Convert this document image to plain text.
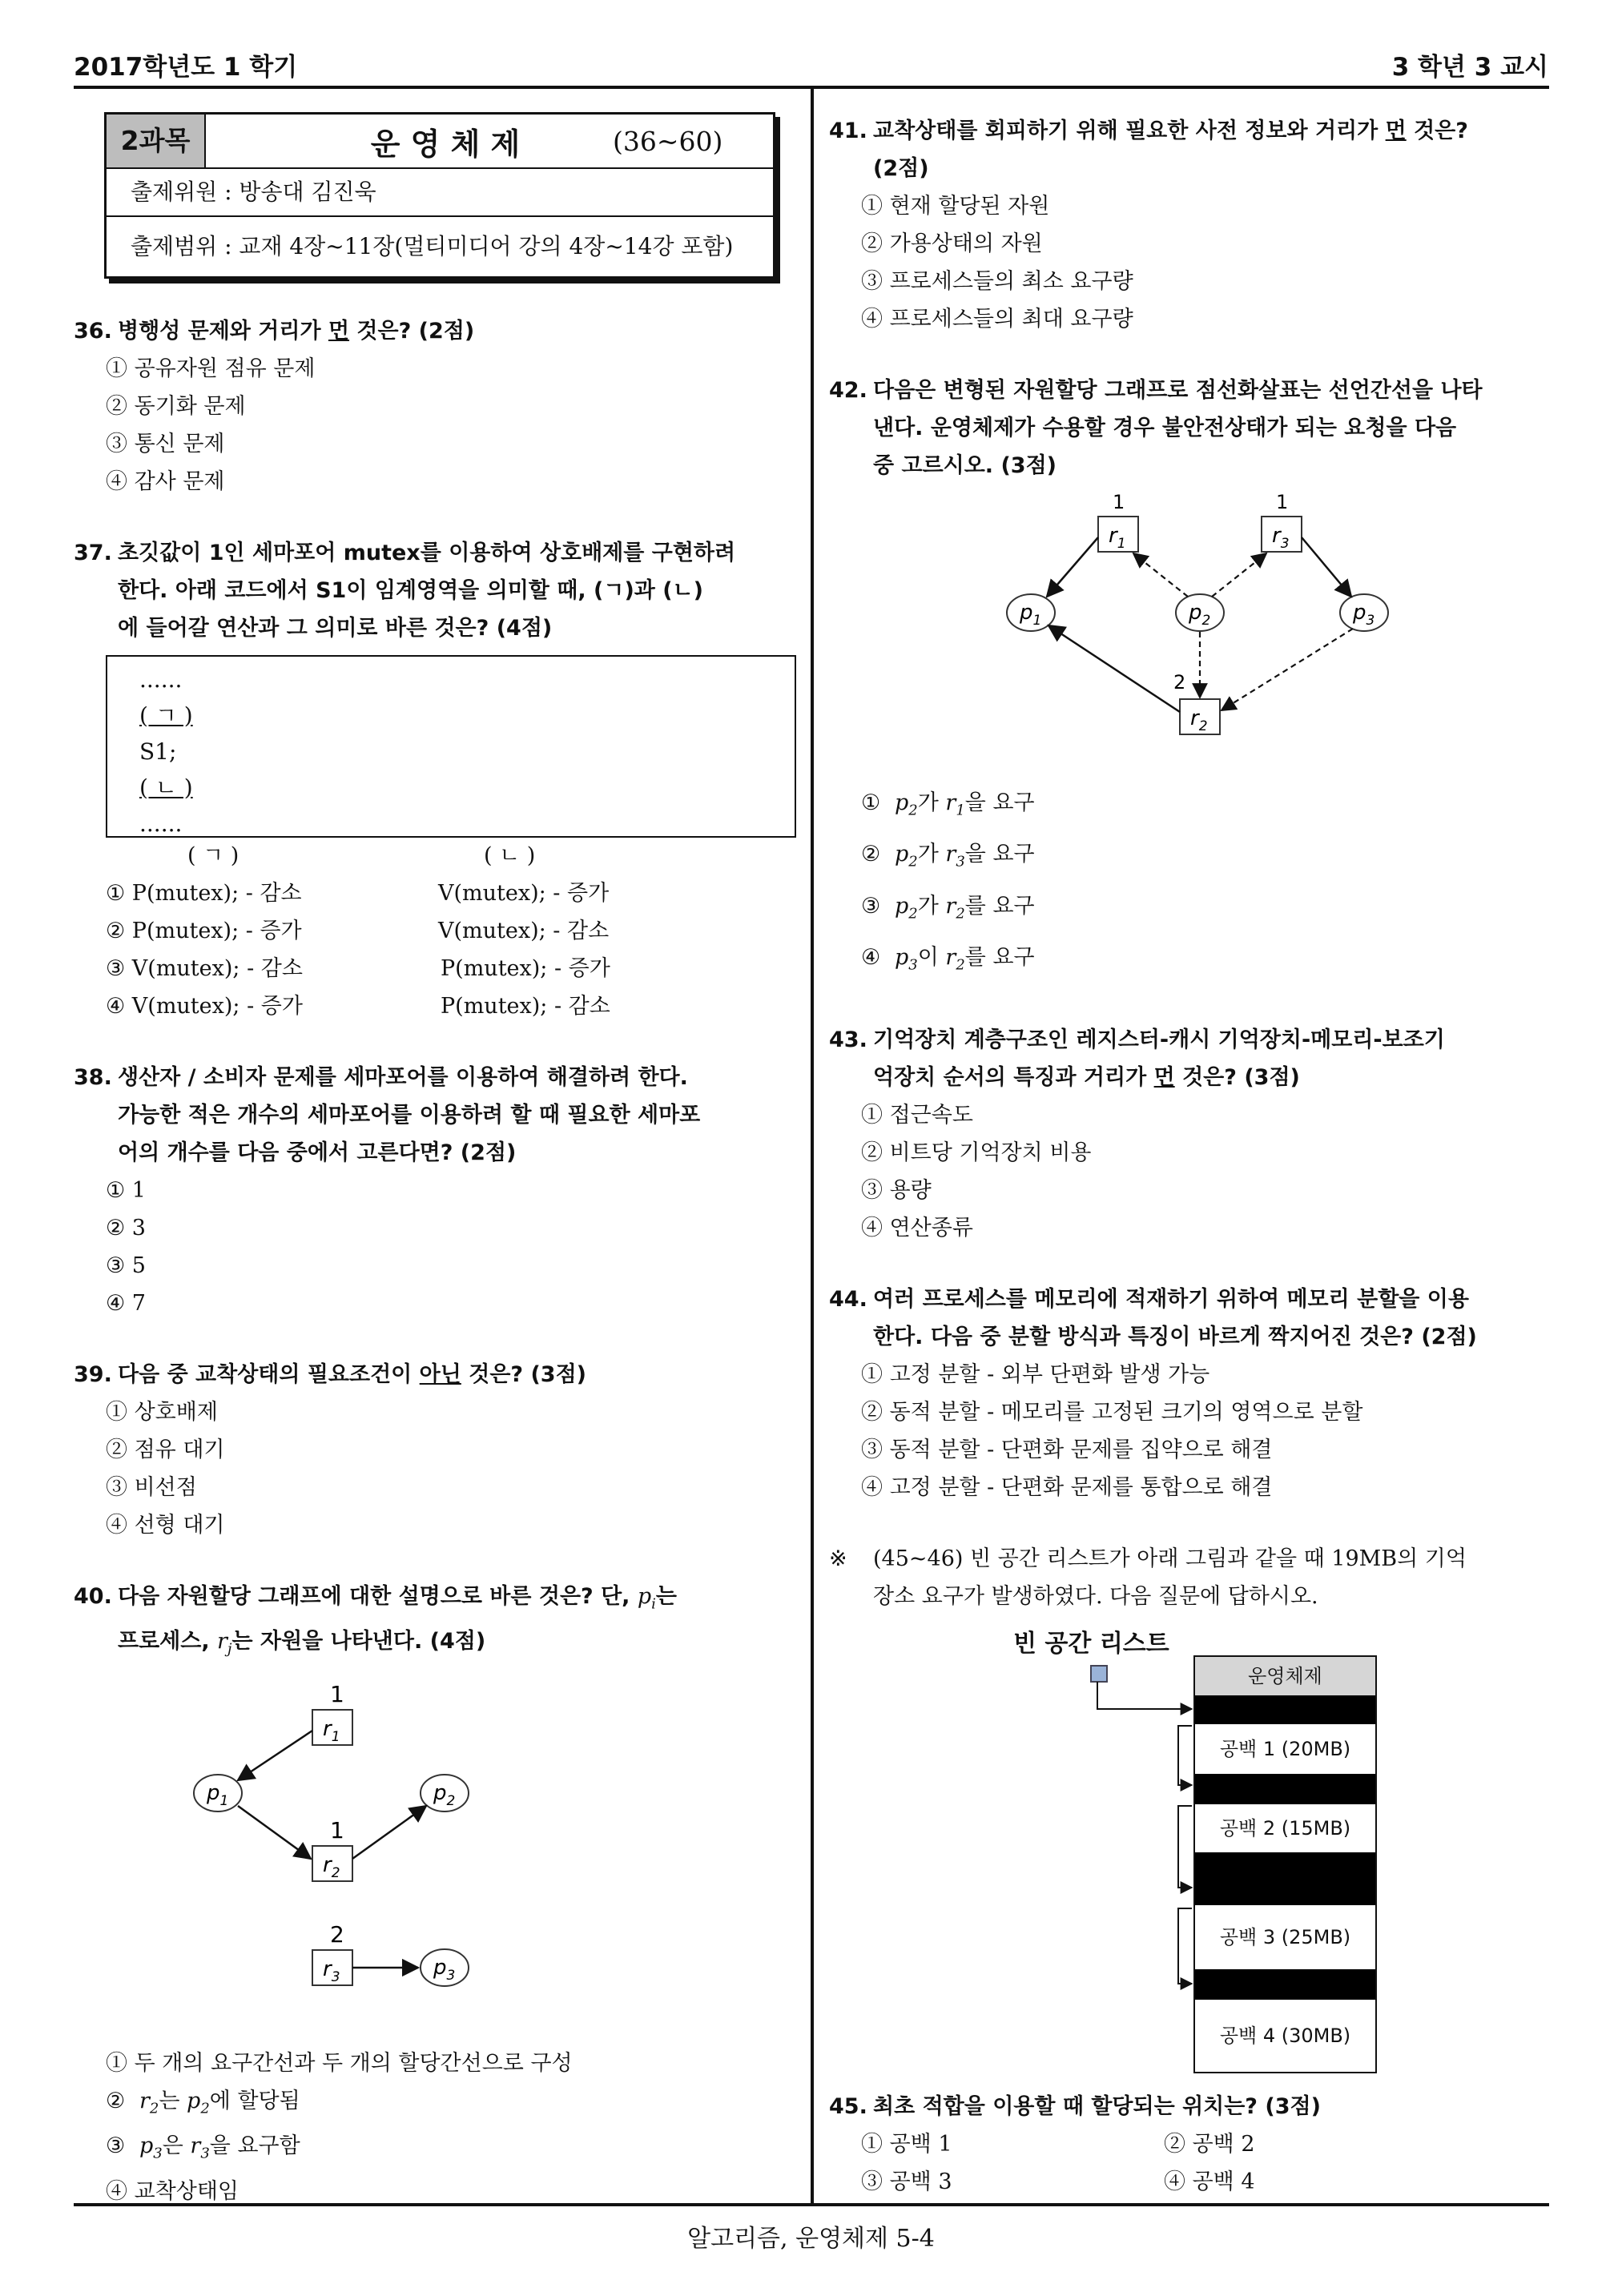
2017학년도 1 학기	3 학년 3 교시
알고리즘, 운영체제 5-4
2과목	운 영 체 제	(36~60)
출제위원 : 방송대 김진욱
출제범위 : 교재 4장~11장(멀티미디어 강의 4장~14강 포함)
36. 병행성 문제와 거리가 먼 것은? (2점)
① 공유자원 점유 문제
② 동기화 문제
③ 통신 문제
④ 감사 문제
37. 초깃값이 1인 세마포어 mutex를 이용하여 상호배제를 구현하려
한다. 아래 코드에서 S1이 임계영역을 의미할 때, (ㄱ)과 (ㄴ)
에 들어갈 연산과 그 의미로 바른 것은? (4점)
......
( ㄱ )
S1;
( ㄴ )
......
( ㄱ )	( ㄴ )
① P(mutex); - 감소	V(mutex); - 증가
② P(mutex); - 증가	V(mutex); - 감소
③ V(mutex); - 감소	P(mutex); - 증가
④ V(mutex); - 증가	P(mutex); - 감소
38. 생산자 / 소비자 문제를 세마포어를 이용하여 해결하려 한다.
가능한 적은 개수의 세마포어를 이용하려 할 때 필요한 세마포
어의 개수를 다음 중에서 고른다면? (2점)
① 1
② 3
③ 5
④ 7
39. 다음 중 교착상태의 필요조건이 아닌 것은? (3점)
① 상호배제
② 점유 대기
③ 비선점
④ 선형 대기
40. 다음 자원할당 그래프에 대한 설명으로 바른 것은? 단, $p_i$는
프로세스, $r_j$는 자원을 나타낸다. (4점)
1
$r_1$
$p_1$	$p_2$
1
$r_2$
2
$r_3$	$p_3$
① 두 개의 요구간선과 두 개의 할당간선으로 구성
② $r_2$는 $p_2$에 할당됨
③ $p_3$은 $r_3$을 요구함
④ 교착상태임
41. 교착상태를 회피하기 위해 필요한 사전 정보와 거리가 먼 것은?
(2점)
① 현재 할당된 자원
② 가용상태의 자원
③ 프로세스들의 최소 요구량
④ 프로세스들의 최대 요구량
42. 다음은 변형된 자원할당 그래프로 점선화살표는 선언간선을 나타
낸다. 운영체제가 수용할 경우 불안전상태가 되는 요청을 다음
중 고르시오. (3점)
1
$r_1$
1
$r_3$
$p_1$	$p_2$	$p_3$
2
$r_2$
① $p_2$가 $r_1$을 요구
② $p_2$가 $r_3$을 요구
③ $p_2$가 $r_2$를 요구
④ $p_3$이 $r_2$를 요구
43. 기억장치 계층구조인 레지스터-캐시 기억장치-메모리-보조기
억장치 순서의 특징과 거리가 먼 것은? (3점)
① 접근속도
② 비트당 기억장치 비용
③ 용량
④ 연산종류
44. 여러 프로세스를 메모리에 적재하기 위하여 메모리 분할을 이용
한다. 다음 중 분할 방식과 특징이 바르게 짝지어진 것은? (2점)
① 고정 분할 - 외부 단편화 발생 가능
② 동적 분할 - 메모리를 고정된 크기의 영역으로 분할
③ 동적 분할 - 단편화 문제를 집약으로 해결
④ 고정 분할 - 단편화 문제를 통합으로 해결
※ (45~46) 빈 공간 리스트가 아래 그림과 같을 때 19MB의 기억
장소 요구가 발생하였다. 다음 질문에 답하시오.
빈 공간 리스트
운영체제
공백 1 (20MB)
공백 2 (15MB)
공백 3 (25MB)
공백 4 (30MB)
45. 최초 적합을 이용할 때 할당되는 위치는? (3점)
① 공백 1	② 공백 2
③ 공백 3	④ 공백 4
